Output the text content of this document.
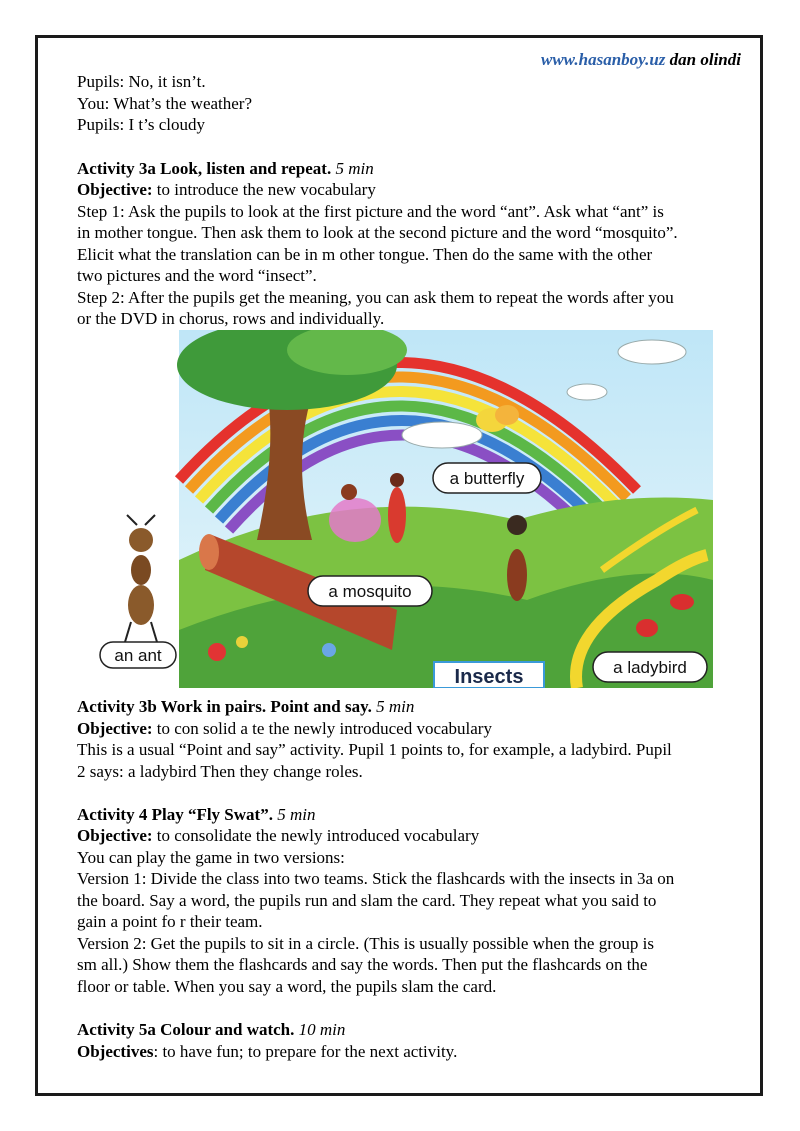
www.hasanboy.uz dan olindi
Pupils: No, it isn’t.
You: What’s the weather?
Pupils: I t’s cloudy
Activity 3a Look, listen and repeat. 5 min
Objective: to introduce the new vocabulary
Step 1: Ask the pupils to look at the first picture and the word “ant”. Ask what “ant” is
in mother tongue. Then ask them to look at the second picture and the word “mosquito”.
Elicit what the translation can be in m other tongue. Then do the same with the other
two pictures and the word “insect”.
Step 2: After the pupils get the meaning, you can ask them to repeat the words after you
or the DVD in chorus, rows and individually.
a butterfly
a mosquito
an ant
a ladybird
Insects
Activity 3b Work in pairs. Point and say. 5 min
Objective: to con solid a te the newly introduced vocabulary
This is a usual “Point and say” activity. Pupil 1 points to, for example, a ladybird. Pupil
2 says: a ladybird Then they change roles.
Activity 4 Play “Fly Swat”. 5 min
Objective: to consolidate the newly introduced vocabulary
You can play the game in two versions:
Version 1: Divide the class into two teams. Stick the flashcards with the insects in 3a on
the board. Say a word, the pupils run and slam the card. They repeat what you said to
gain a point fo r their team.
Version 2: Get the pupils to sit in a circle. (This is usually possible when the group is
sm all.) Show them the flashcards and say the words. Then put the flashcards on the
floor or table. When you say a word, the pupils slam the card.
Activity 5a Colour and watch. 10 min
Objectives: to have fun; to prepare for the next activity.
